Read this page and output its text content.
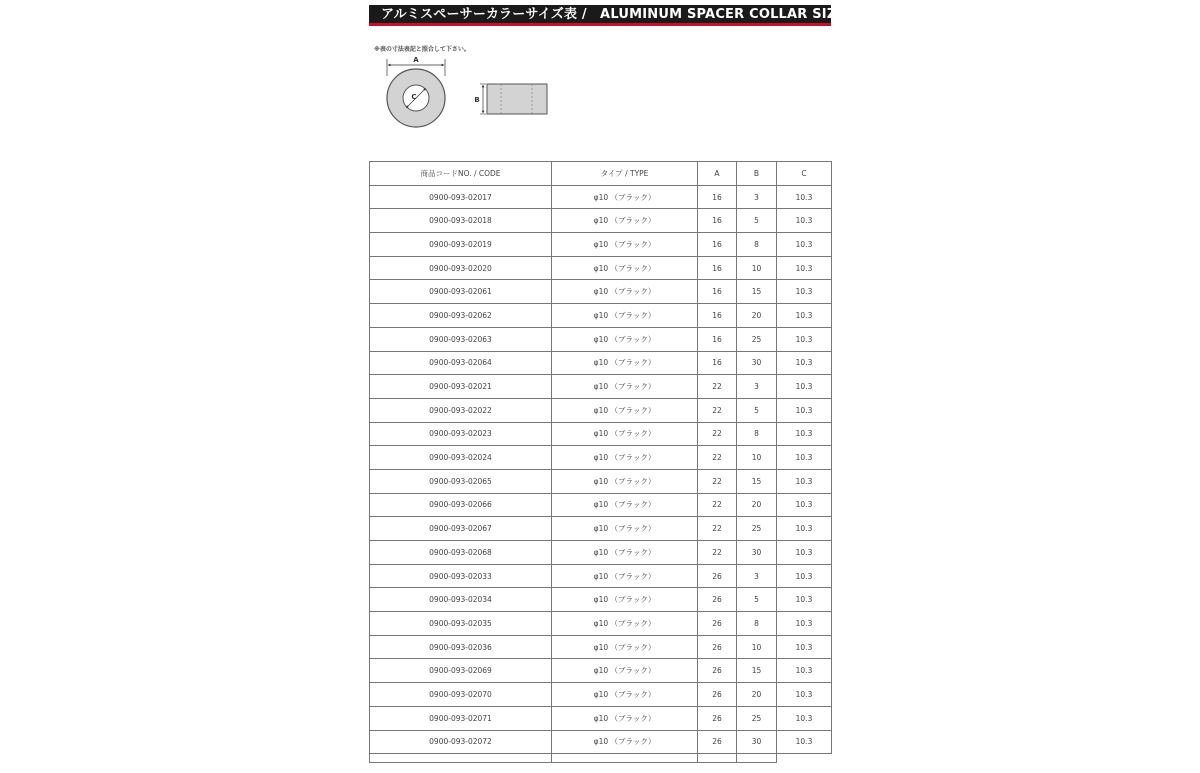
アルミスペーサーカラーサイズ表 /　ALUMINUM SPACER COLLAR SIZE
※表の寸法表記と照合して下さい。
A
C	B
商品コードNO. / CODE	タイプ / TYPE	A	B	C
0900-093-02017	φ10 （ブラック）	16	3	10.3
0900-093-02018	φ10 （ブラック）	16	5	10.3
0900-093-02019	φ10 （ブラック）	16	8	10.3
0900-093-02020	φ10 （ブラック）	16	10	10.3
0900-093-02061	φ10 （ブラック）	16	15	10.3
0900-093-02062	φ10 （ブラック）	16	20	10.3
0900-093-02063	φ10 （ブラック）	16	25	10.3
0900-093-02064	φ10 （ブラック）	16	30	10.3
0900-093-02021	φ10 （ブラック）	22	3	10.3
0900-093-02022	φ10 （ブラック）	22	5	10.3
0900-093-02023	φ10 （ブラック）	22	8	10.3
0900-093-02024	φ10 （ブラック）	22	10	10.3
0900-093-02065	φ10 （ブラック）	22	15	10.3
0900-093-02066	φ10 （ブラック）	22	20	10.3
0900-093-02067	φ10 （ブラック）	22	25	10.3
0900-093-02068	φ10 （ブラック）	22	30	10.3
0900-093-02033	φ10 （ブラック）	26	3	10.3
0900-093-02034	φ10 （ブラック）	26	5	10.3
0900-093-02035	φ10 （ブラック）	26	8	10.3
0900-093-02036	φ10 （ブラック）	26	10	10.3
0900-093-02069	φ10 （ブラック）	26	15	10.3
0900-093-02070	φ10 （ブラック）	26	20	10.3
0900-093-02071	φ10 （ブラック）	26	25	10.3
0900-093-02072	φ10 （ブラック）	26	30	10.3
